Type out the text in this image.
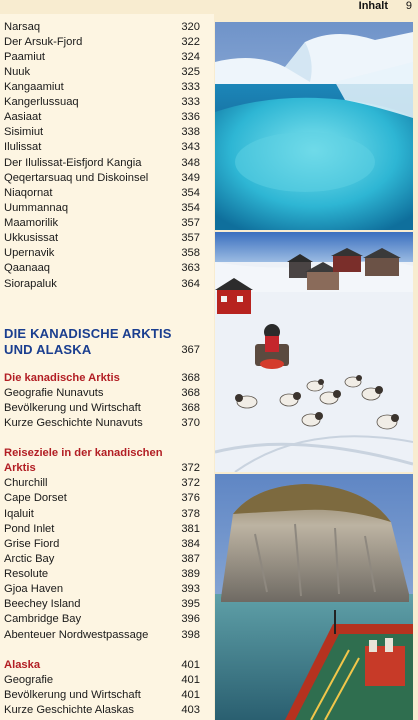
Inhalt 9
Narsaq	320
Der Arsuk-Fjord	322
Paamiut	324
Nuuk	325
Kangaamiut	333
Kangerlussuaq	333
Aasiaat	336
Sisimiut	338
Ilulissat	343
Der Ilulissat-Eisfjord Kangia	348
Qeqertarsuaq und Diskoinsel	349
Niaqornat	354
Uummannaq	354
Maamorilik	357
Ukkusissat	357
Upernavik	358
Qaanaaq	363
Siorapaluk	364
DIE KANADISCHE ARKTIS
UND ALASKA	367
Die kanadische Arktis	368
Geografie Nunavuts	368
Bevölkerung und Wirtschaft	368
Kurze Geschichte Nunavuts	370
Reiseziele in der kanadischen
Arktis	372
Churchill	372
Cape Dorset	376
Iqaluit	378
Pond Inlet	381
Grise Fiord	384
Arctic Bay	387
Resolute	389
Gjoa Haven	393
Beechey Island	395
Cambridge Bay	396
Abenteuer Nordwestpassage	398
Alaska	401
Geografie	401
Bevölkerung und Wirtschaft	401
Kurze Geschichte Alaskas	403
